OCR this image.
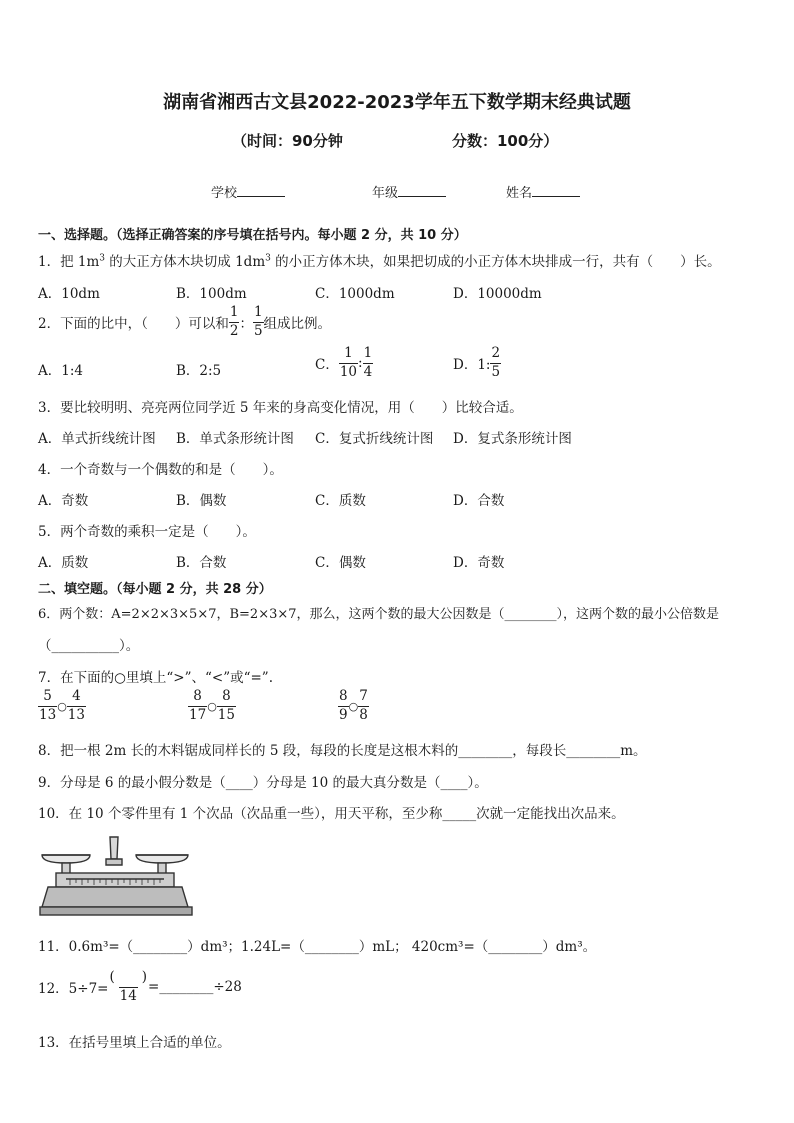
湖南省湘西古文县2022-2023学年五下数学期末经典试题
（时间：90分钟	分数：100分）
学校	年级	姓名
一、选择题。（选择正确答案的序号填在括号内。每小题 2 分，共 10 分）
1．把 $1m^3$ 的大正方体木块切成 $1dm^3$ 的小正方体木块，如果把切成的小正方体木块排成一行，共有（　　）长。
A．10dm	B．100dm	C．1000dm	D．10000dm
2．下面的比中，（　　）可以和 $\frac{1}{2}$ ： $\frac{1}{5}$ 组成比例。
A．1:4	B．2:5	C． $\frac{1}{10}$ : $\frac{1}{4}$	D．1: $\frac{2}{5}$
3．要比较明明、亮亮两位同学近 5 年来的身高变化情况，用（　　）比较合适。
A．单式折线统计图 B．单式条形统计图 C．复式折线统计图 D．复式条形统计图
4．一个奇数与一个偶数的和是（　　）。
A．奇数	B．偶数	C．质数	D．合数
5．两个奇数的乘积一定是（　　）。
A．质数	B．合数	C．偶数	D．奇数
二、填空题。（每小题 2 分，共 28 分）
6．两个数：A=2×2×3×5×7，B=2×3×7，那么，这两个数的最大公因数是（________），这两个数的最小公倍数是
（__________）。
7．在下面的○里填上“>”、“<”或“=”.
$\frac{5}{13}$ ○ $\frac{4}{13}$	$\frac{8}{17}$ ○ $\frac{8}{15}$	$\frac{8}{9}$ ○ $\frac{7}{8}$
8．把一根 2m 长的木料锯成同样长的 5 段，每段的长度是这根木料的________，每段长________m。
9．分母是 6 的最小假分数是（____）分母是 10 的最大真分数是（____）。
10．在 10 个零件里有 1 个次品（次品重一些），用天平称，至少称_____次就一定能找出次品来。
11．0.6m³=（________）dm³；1.24L=（________）mL； 420cm³=（________）dm³。
12．$5\div 7= \frac{( )}{14}$ =________÷28
13．在括号里填上合适的单位。
